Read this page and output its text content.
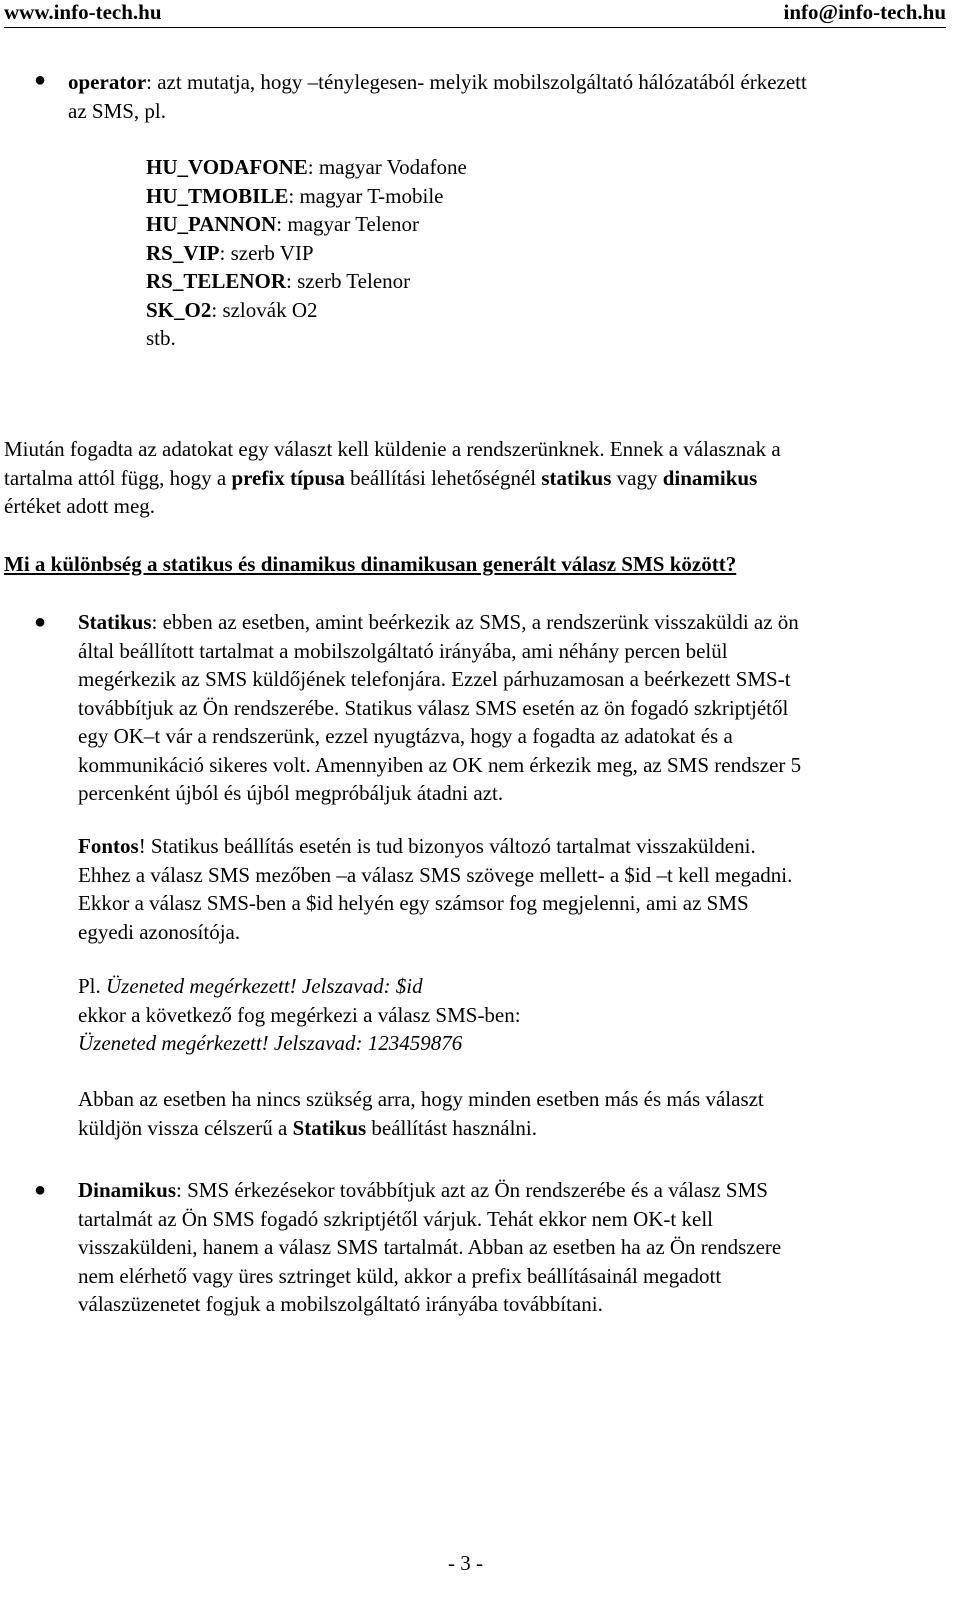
www.info-tech.hu	info@info-tech.hu
● operator: azt mutatja, hogy –ténylegesen- melyik mobilszolgáltató hálózatából érkezett
az SMS, pl.
HU_VODAFONE: magyar Vodafone
HU_TMOBILE: magyar T-mobile
HU_PANNON: magyar Telenor
RS_VIP: szerb VIP
RS_TELENOR: szerb Telenor
SK_O2: szlovák O2
stb.
Miután fogadta az adatokat egy választ kell küldenie a rendszerünknek. Ennek a válasznak a
tartalma attól függ, hogy a prefix típusa beállítási lehetőségnél statikus vagy dinamikus
értéket adott meg.
Mi a különbség a statikus és dinamikus dinamikusan generált válasz SMS között?
● Statikus: ebben az esetben, amint beérkezik az SMS, a rendszerünk visszaküldi az ön
által beállított tartalmat a mobilszolgáltató irányába, ami néhány percen belül
megérkezik az SMS küldőjének telefonjára. Ezzel párhuzamosan a beérkezett SMS-t
továbbítjuk az Ön rendszerébe. Statikus válasz SMS esetén az ön fogadó szkriptjétől
egy OK–t vár a rendszerünk, ezzel nyugtázva, hogy a fogadta az adatokat és a
kommunikáció sikeres volt. Amennyiben az OK nem érkezik meg, az SMS rendszer 5
percenként újból és újból megpróbáljuk átadni azt.
Fontos! Statikus beállítás esetén is tud bizonyos változó tartalmat visszaküldeni.
Ehhez a válasz SMS mezőben –a válasz SMS szövege mellett- a $id –t kell megadni.
Ekkor a válasz SMS-ben a $id helyén egy számsor fog megjelenni, ami az SMS
egyedi azonosítója.
Pl. Üzeneted megérkezett! Jelszavad: $id
ekkor a következő fog megérkezi a válasz SMS-ben:
Üzeneted megérkezett! Jelszavad: 123459876
Abban az esetben ha nincs szükség arra, hogy minden esetben más és más választ
küldjön vissza célszerű a Statikus beállítást használni.
● Dinamikus: SMS érkezésekor továbbítjuk azt az Ön rendszerébe és a válasz SMS
tartalmát az Ön SMS fogadó szkriptjétől várjuk. Tehát ekkor nem OK-t kell
visszaküldeni, hanem a válasz SMS tartalmát. Abban az esetben ha az Ön rendszere
nem elérhető vagy üres sztringet küld, akkor a prefix beállításainál megadott
válaszüzenetet fogjuk a mobilszolgáltató irányába továbbítani.
- 3 -
